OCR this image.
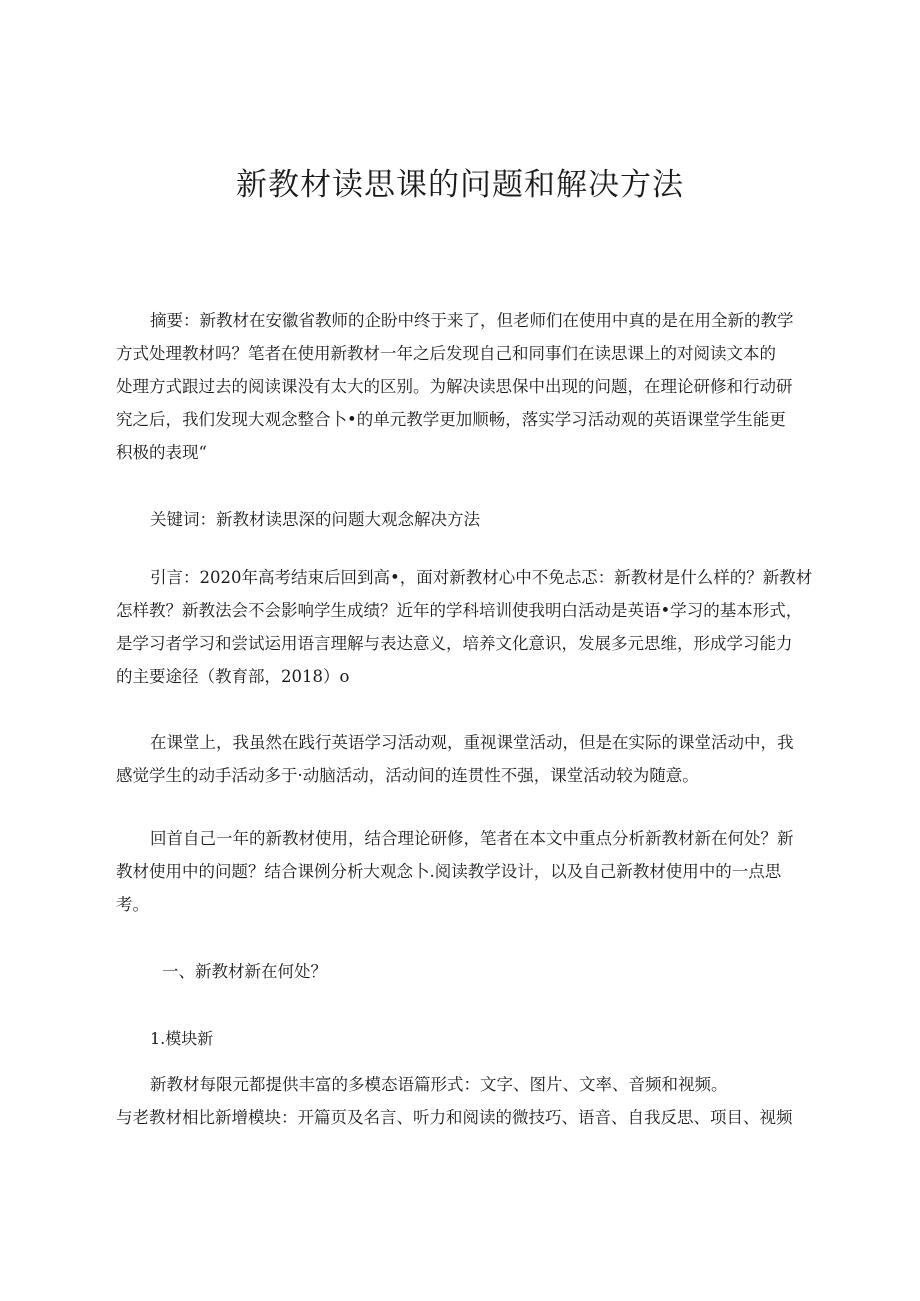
新教材读思课的问题和解决方法

摘要：新教材在安徽省教师的企盼中终于来了，但老师们在使用中真的是在用全新的教学
方式处理教材吗？笔者在使用新教材一年之后发现自己和同事们在读思课上的对阅读文本的
处理方式跟过去的阅读课没有太大的区别。为解决读思保中出现的问题，在理论研修和行动研
究之后，我们发现大观念整合卜•的单元教学更加顺畅，落实学习活动观的英语课堂学生能更
积极的表现“

关键词：新教材读思深的问题大观念解决方法

引言：2020年高考结束后回到高•，面对新教材心中不免忐忑：新教材是什么样的？新教材
怎样教？新教法会不会影响学生成绩？近年的学科培训使我明白活动是英语•学习的基本形式，
是学习者学习和尝试运用语言理解与表达意义，培养文化意识，发展多元思维，形成学习能力
的主要途径（教育部，2018）o

在课堂上，我虽然在践行英语学习活动观，重视课堂活动，但是在实际的课堂活动中，我
感觉学生的动手活动多于·动脑活动，活动间的连贯性不强，课堂活动较为随意。

回首自己一年的新教材使用，结合理论研修，笔者在本文中重点分析新教材新在何处？新
教材使用中的问题？结合课例分析大观念卜.阅读教学设计，以及自己新教材使用中的一点思
考。

一、新教材新在何处？
1.模块新

新教材每限元都提供丰富的多模态语篇形式：文字、图片、文率、音频和视频。
与老教材相比新增模块：开篇页及名言、听力和阅读的微技巧、语音、自我反思、项目、视频
